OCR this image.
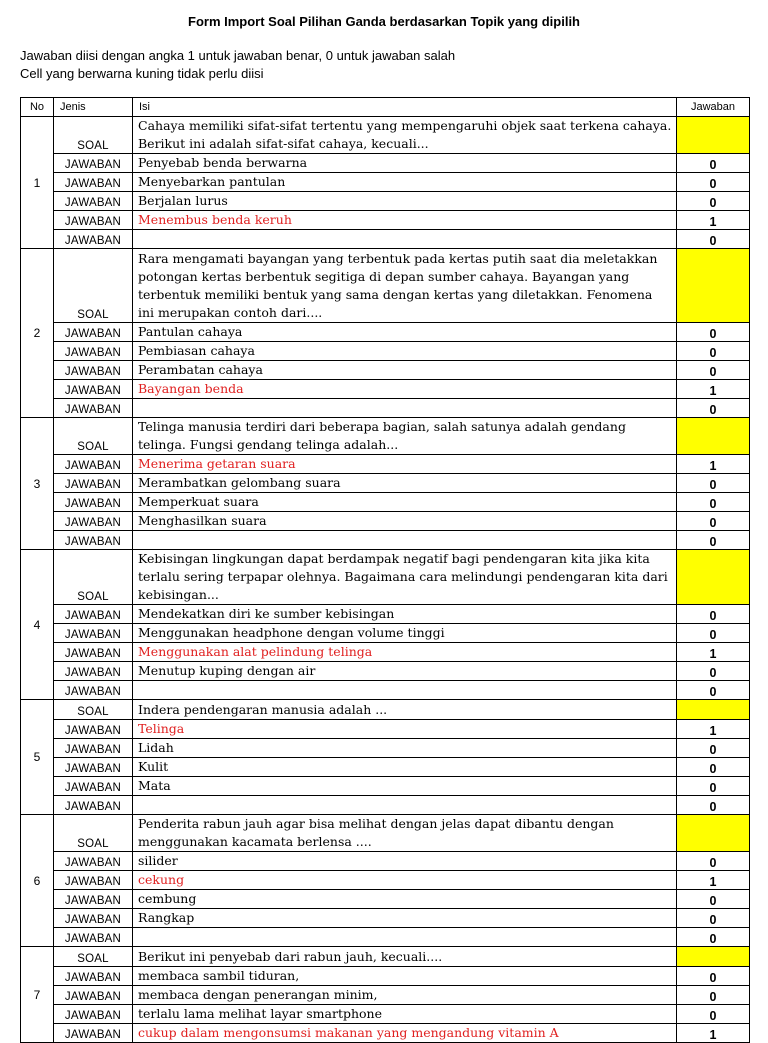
Form Import Soal Pilihan Ganda berdasarkan Topik yang dipilih
Jawaban diisi dengan angka 1 untuk jawaban benar, 0 untuk jawaban salah
Cell yang berwarna kuning tidak perlu diisi
No	Jenis	Isi	Jawaban
1	SOAL	Cahaya memiliki sifat-sifat tertentu yang mempengaruhi objek saat terkena cahaya. Berikut ini adalah sifat-sifat cahaya, kecuali...	
	JAWABAN	Penyebab benda berwarna	0
	JAWABAN	Menyebarkan pantulan	0
	JAWABAN	Berjalan lurus	0
	JAWABAN	Menembus benda keruh	1
	JAWABAN		0
2	SOAL	Rara mengamati bayangan yang terbentuk pada kertas putih saat dia meletakkan potongan kertas berbentuk segitiga di depan sumber cahaya. Bayangan yang terbentuk memiliki bentuk yang sama dengan kertas yang diletakkan. Fenomena ini merupakan contoh dari....	
	JAWABAN	Pantulan cahaya	0
	JAWABAN	Pembiasan cahaya	0
	JAWABAN	Perambatan cahaya	0
	JAWABAN	Bayangan benda	1
	JAWABAN		0
3	SOAL	Telinga manusia terdiri dari beberapa bagian, salah satunya adalah gendang telinga. Fungsi gendang telinga adalah...	
	JAWABAN	Menerima getaran suara	1
	JAWABAN	Merambatkan gelombang suara	0
	JAWABAN	Memperkuat suara	0
	JAWABAN	Menghasilkan suara	0
	JAWABAN		0
4	SOAL	Kebisingan lingkungan dapat berdampak negatif bagi pendengaran kita jika kita terlalu sering terpapar olehnya. Bagaimana cara melindungi pendengaran kita dari kebisingan...	
	JAWABAN	Mendekatkan diri ke sumber kebisingan	0
	JAWABAN	Menggunakan headphone dengan volume tinggi	0
	JAWABAN	Menggunakan alat pelindung telinga	1
	JAWABAN	Menutup kuping dengan air	0
	JAWABAN		0
5	SOAL	Indera pendengaran manusia adalah ...	
	JAWABAN	Telinga	1
	JAWABAN	Lidah	0
	JAWABAN	Kulit	0
	JAWABAN	Mata	0
	JAWABAN		0
6	SOAL	Penderita rabun jauh agar bisa melihat dengan jelas dapat dibantu dengan menggunakan kacamata berlensa ....	
	JAWABAN	silider	0
	JAWABAN	cekung	1
	JAWABAN	cembung	0
	JAWABAN	Rangkap	0
	JAWABAN		0
7	SOAL	Berikut ini penyebab dari rabun jauh, kecuali....	
	JAWABAN	membaca sambil tiduran,	0
	JAWABAN	membaca dengan penerangan minim,	0
	JAWABAN	terlalu lama melihat layar smartphone	0
	JAWABAN	cukup dalam mengonsumsi makanan yang mengandung vitamin A	1
